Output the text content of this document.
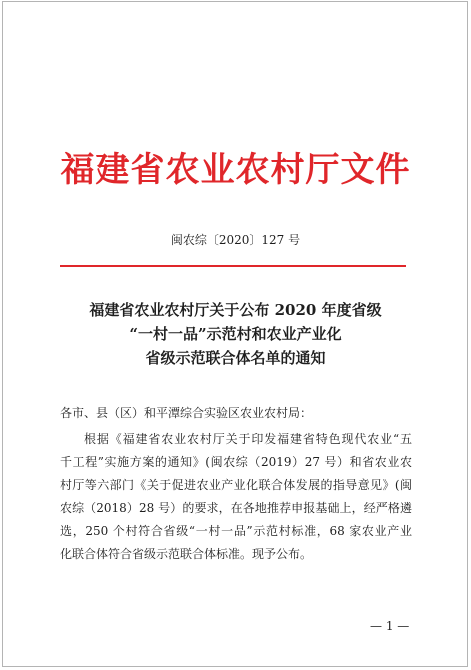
福建省农业农村厅文件
闽农综〔2020〕127 号
福建省农业农村厅关于公布 2020 年度省级
“一村一品”示范村和农业产业化
省级示范联合体名单的通知
各市、县（区）和平潭综合实验区农业农村局：
根据《福建省农业农村厅关于印发福建省特色现代农业“五
千工程”实施方案的通知》(闽农综（2019）27 号）和省农业农
村厅等六部门《关于促进农业产业化联合体发展的指导意见》(闽
农综（2018）28 号）的要求，在各地推荐申报基础上，经严格遴
选，250 个村符合省级“一村一品”示范村标准，68 家农业产业
化联合体符合省级示范联合体标准。现予公布。
— 1 —
